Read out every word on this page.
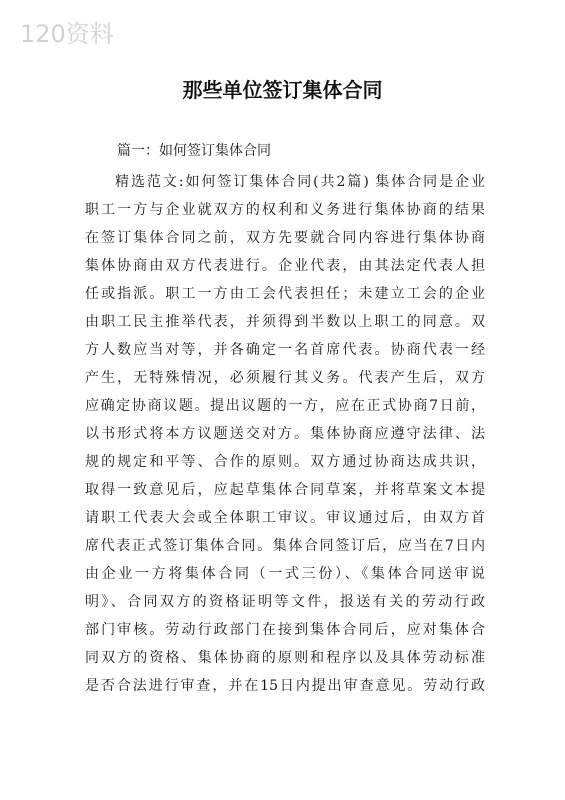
120资料
那些单位签订集体合同
篇一：如何签订集体合同
精选范文:如何签订集体合同(共2篇) 集体合同是企业
职工一方与企业就双方的权利和义务进行集体协商的结果
在签订集体合同之前，双方先要就合同内容进行集体协商
集体协商由双方代表进行。企业代表，由其法定代表人担
任或指派。职工一方由工会代表担任；未建立工会的企业
由职工民主推举代表，并须得到半数以上职工的同意。双
方人数应当对等，并各确定一名首席代表。协商代表一经
产生，无特殊情况，必须履行其义务。代表产生后，双方
应确定协商议题。提出议题的一方，应在正式协商7日前，
以书形式将本方议题送交对方。集体协商应遵守法律、法
规的规定和平等、合作的原则。双方通过协商达成共识，
取得一致意见后，应起草集体合同草案，并将草案文本提
请职工代表大会或全体职工审议。审议通过后，由双方首
席代表正式签订集体合同。集体合同签订后，应当在7日内
由企业一方将集体合同（一式三份）、《集体合同送审说
明》、合同双方的资格证明等文件，报送有关的劳动行政
部门审核。劳动行政部门在接到集体合同后，应对集体合
同双方的资格、集体协商的原则和程序以及具体劳动标准
是否合法进行审查，并在15日内提出审查意见。劳动行政
